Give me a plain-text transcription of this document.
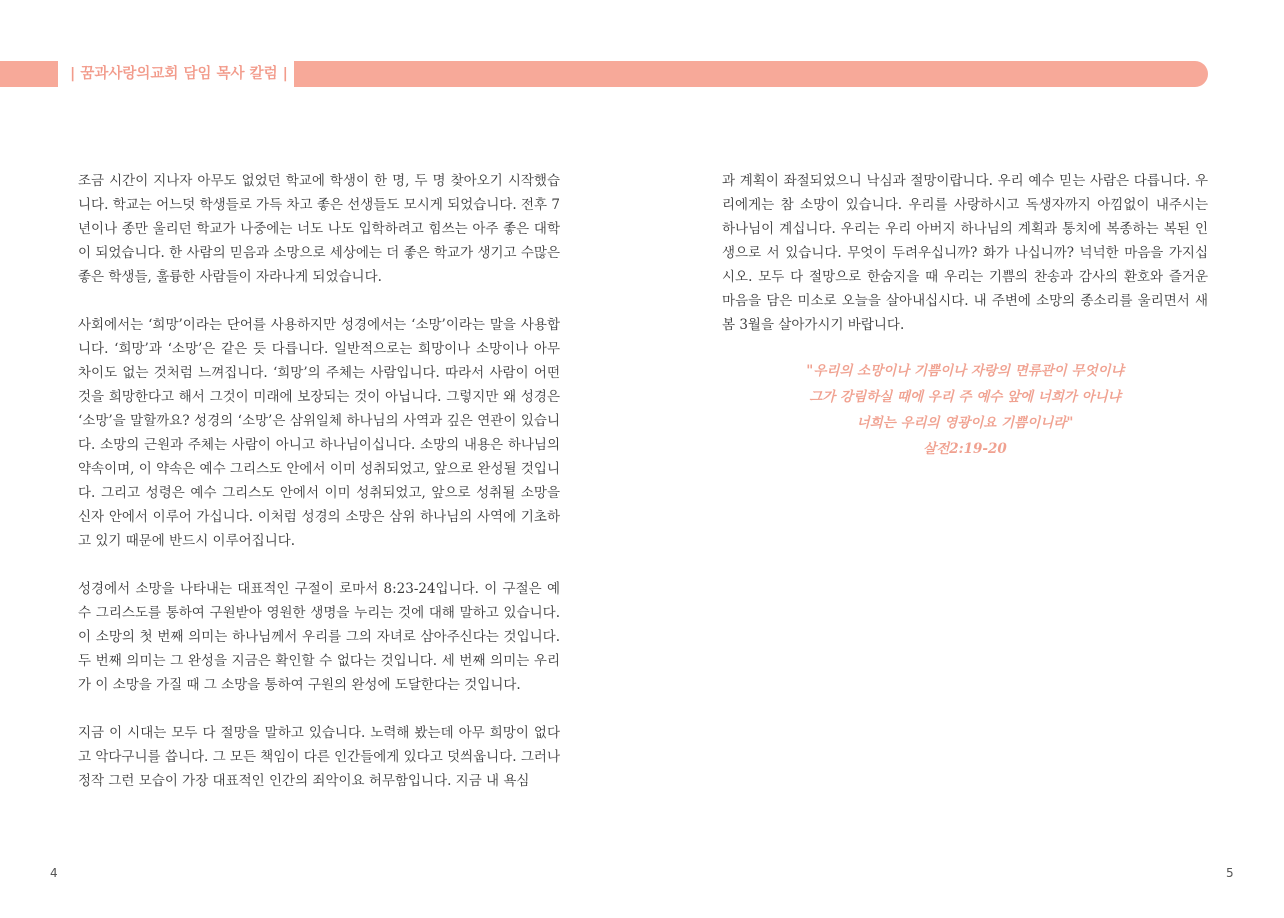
| 꿈과사랑의교회 담임 목사 칼럼 |

조금 시간이 지나자 아무도 없었던 학교에 학생이 한 명, 두 명 찾아오기 시작했습니다. 학교는 어느덧 학생들로 가득 차고 좋은 선생들도 모시게 되었습니다. 전후 7년이나 종만 울리던 학교가 나중에는 너도 나도 입학하려고 힘쓰는 아주 좋은 대학이 되었습니다. 한 사람의 믿음과 소망으로 세상에는 더 좋은 학교가 생기고 수많은 좋은 학생들, 훌륭한 사람들이 자라나게 되었습니다.

사회에서는 ‘희망’이라는 단어를 사용하지만 성경에서는 ‘소망’이라는 말을 사용합니다. ‘희망’과 ‘소망’은 같은 듯 다릅니다. 일반적으로는 희망이나 소망이나 아무 차이도 없는 것처럼 느껴집니다. ‘희망’의 주체는 사람입니다. 따라서 사람이 어떤 것을 희망한다고 해서 그것이 미래에 보장되는 것이 아닙니다. 그렇지만 왜 성경은 ‘소망’을 말할까요? 성경의 ‘소망’은 삼위일체 하나님의 사역과 깊은 연관이 있습니다. 소망의 근원과 주체는 사람이 아니고 하나님이십니다. 소망의 내용은 하나님의 약속이며, 이 약속은 예수 그리스도 안에서 이미 성취되었고, 앞으로 완성될 것입니다. 그리고 성령은 예수 그리스도 안에서 이미 성취되었고, 앞으로 성취될 소망을 신자 안에서 이루어 가십니다. 이처럼 성경의 소망은 삼위 하나님의 사역에 기초하고 있기 때문에 반드시 이루어집니다.

성경에서 소망을 나타내는 대표적인 구절이 로마서 8:23-24입니다. 이 구절은 예수 그리스도를 통하여 구원받아 영원한 생명을 누리는 것에 대해 말하고 있습니다. 이 소망의 첫 번째 의미는 하나님께서 우리를 그의 자녀로 삼아주신다는 것입니다. 두 번째 의미는 그 완성을 지금은 확인할 수 없다는 것입니다. 세 번째 의미는 우리가 이 소망을 가질 때 그 소망을 통하여 구원의 완성에 도달한다는 것입니다.

지금 이 시대는 모두 다 절망을 말하고 있습니다. 노력해 봤는데 아무 희망이 없다고 악다구니를 씁니다. 그 모든 책임이 다른 인간들에게 있다고 덧씌웁니다. 그러나 정작 그런 모습이 가장 대표적인 인간의 죄악이요 허무함입니다. 지금 내 욕심

과 계획이 좌절되었으니 낙심과 절망이랍니다. 우리 예수 믿는 사람은 다릅니다. 우리에게는 참 소망이 있습니다. 우리를 사랑하시고 독생자까지 아낌없이 내주시는 하나님이 계십니다. 우리는 우리 아버지 하나님의 계획과 통치에 복종하는 복된 인생으로 서 있습니다. 무엇이 두려우십니까? 화가 나십니까? 넉넉한 마음을 가지십시오. 모두 다 절망으로 한숨지을 때 우리는 기쁨의 찬송과 감사의 환호와 즐거운 마음을 담은 미소로 오늘을 살아내십시다. 내 주변에 소망의 종소리를 울리면서 새봄 3월을 살아가시기 바랍니다.

"우리의 소망이나 기쁨이나 자랑의 면류관이 무엇이냐
그가 강림하실 때에 우리 주 예수 앞에 너희가 아니냐
너희는 우리의 영광이요 기쁨이니라"
살전2:19-20
4	5
